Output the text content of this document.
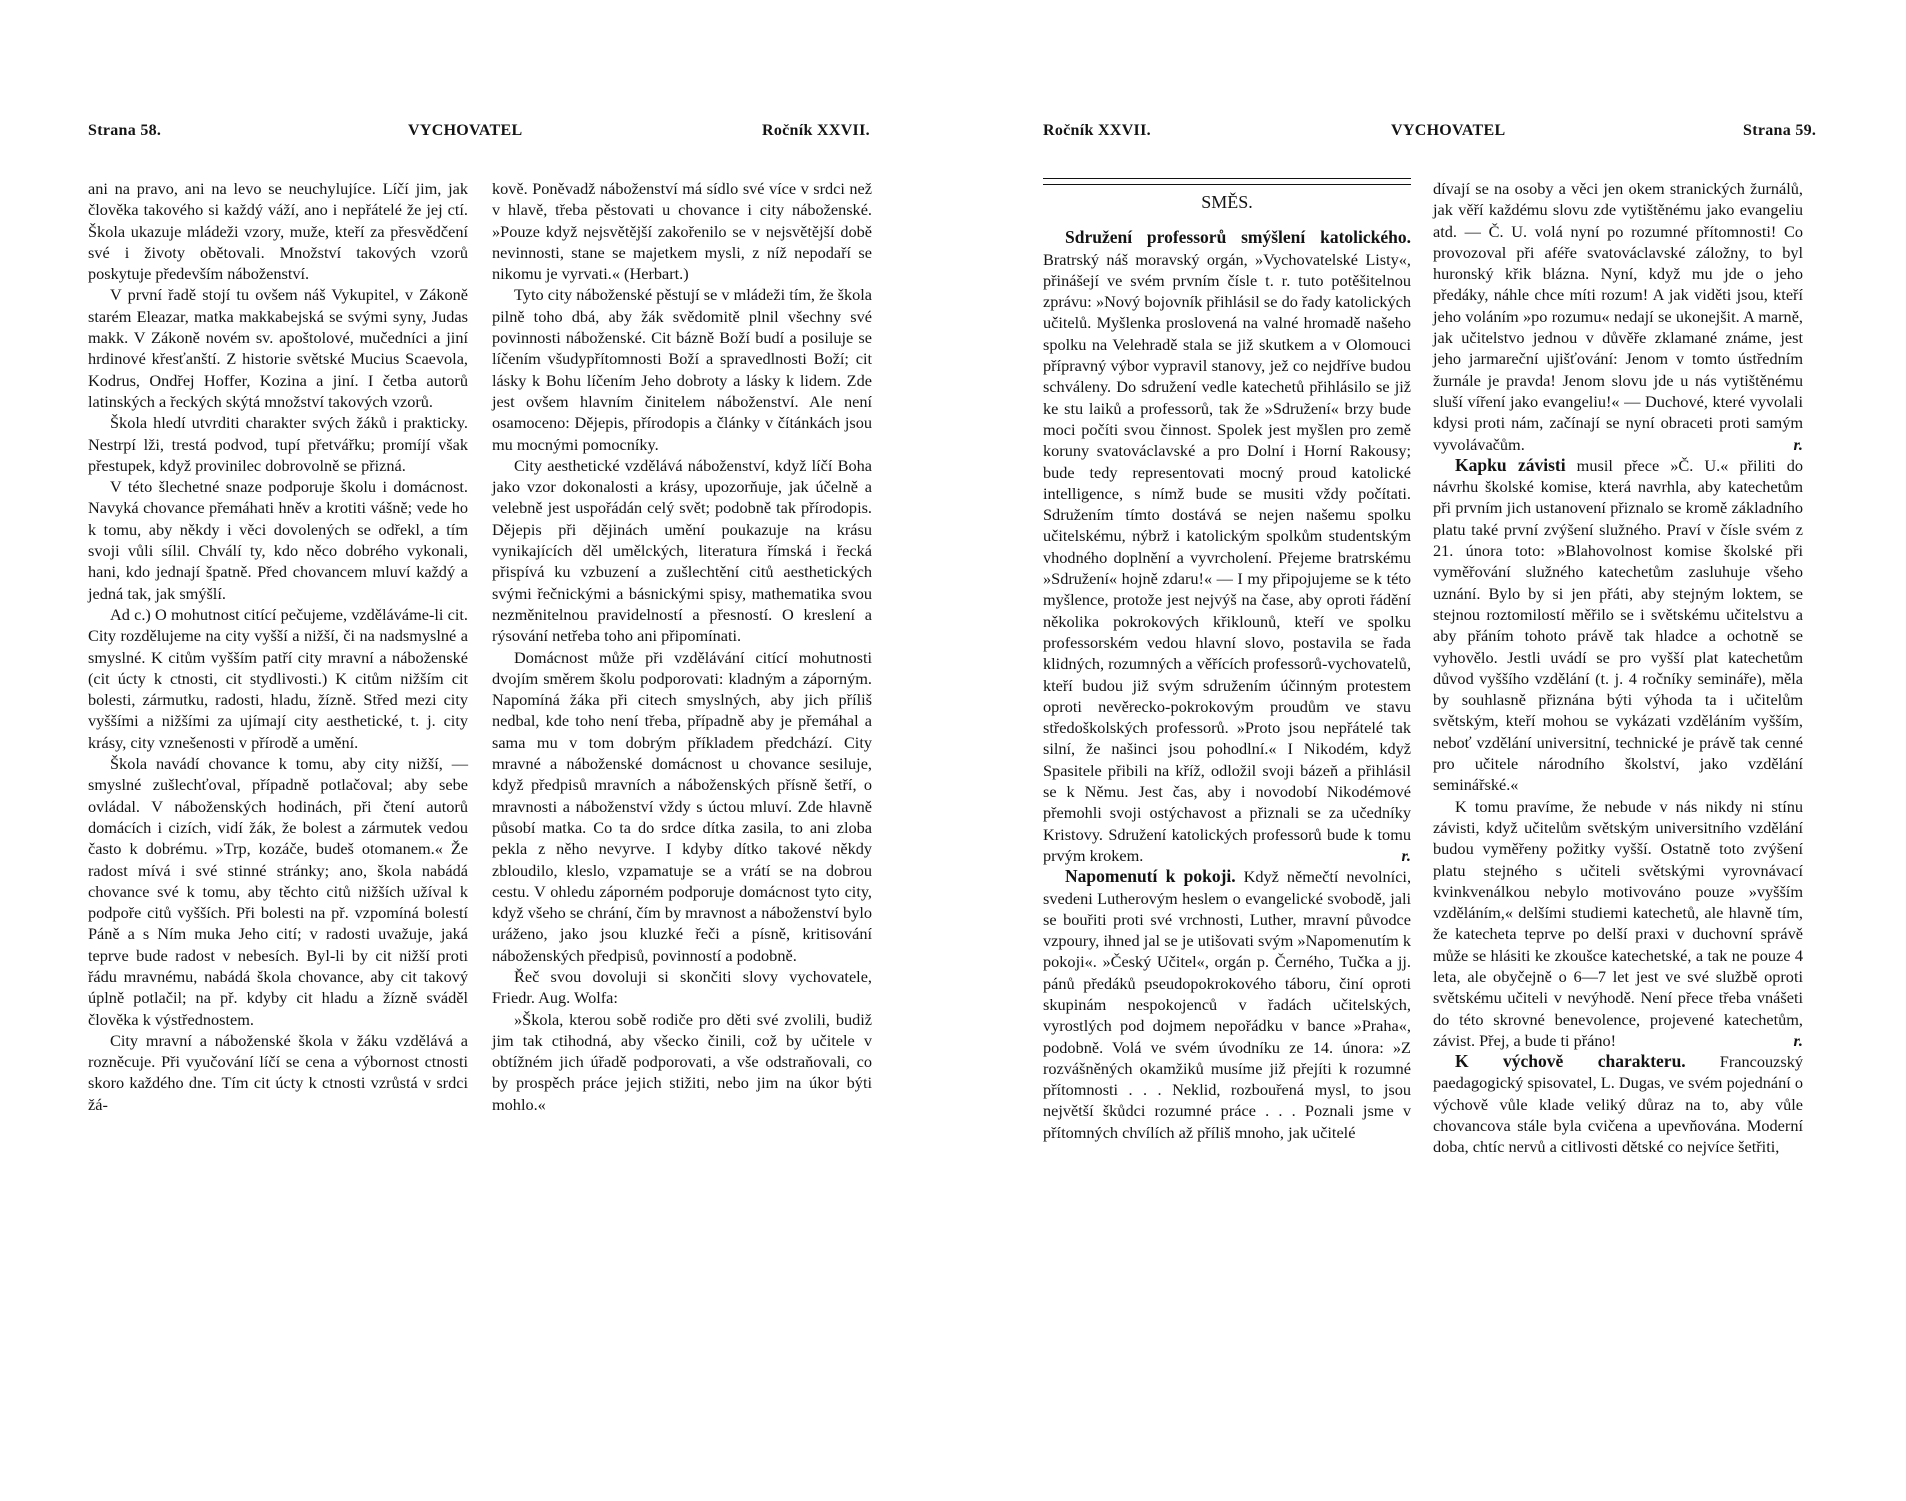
Strana 58.	VYCHOVATEL	Ročník XXVII.

ani na pravo, ani na levo se neuchylujíce. Líčí jim, jak člověka takového si každý váží, ano i nepřátelé že jej ctí. Škola ukazuje mládeži vzory, muže, kteří za přesvědčení své i životy obětovali. Množství takových vzorů poskytuje především náboženství.

V první řadě stojí tu ovšem náš Vykupitel, v Zákoně starém Eleazar, matka makkabejská se svými syny, Judas makk. V Zákoně novém sv. apoštolové, mučedníci a jiní hrdinové křesťanští. Z historie světské Mucius Scaevola, Kodrus, Ondřej Hoffer, Kozina a jiní. I četba autorů latinských a řeckých skýtá množství takových vzorů.

Škola hledí utvrditi charakter svých žáků i prakticky. Nestrpí lži, trestá podvod, tupí přetvářku; promíjí však přestupek, když provinilec dobrovolně se přizná.

V této šlechetné snaze podporuje školu i domácnost. Navyká chovance přemáhati hněv a krotiti vášně; vede ho k tomu, aby někdy i věci dovolených se odřekl, a tím svoji vůli sílil. Chválí ty, kdo něco dobrého vykonali, hani, kdo jednají špatně. Před chovancem mluví každý a jedná tak, jak smýšlí.

Ad c.) O mohutnost citící pečujeme, vzděláváme-li cit. City rozdělujeme na city vyšší a nižší, či na nadsmyslné a smyslné. K citům vyšším patří city mravní a náboženské (cit úcty k ctnosti, cit stydlivosti.) K citům nižším cit bolesti, zármutku, radosti, hladu, žízně. Střed mezi city vyššími a nižšími za ujímají city aesthetické, t. j. city krásy, city vznešenosti v přírodě a umění.

Škola navádí chovance k tomu, aby city nižší, — smyslné zušlechťoval, případně potlačoval; aby sebe ovládal. V náboženských hodinách, při čtení autorů domácích i cizích, vidí žák, že bolest a zármutek vedou často k dobrému. »Trp, kozáče, budeš otomanem.« Že radost mívá i své stinné stránky; ano, škola nabádá chovance své k tomu, aby těchto citů nižších užíval k podpoře citů vyšších. Při bolesti na př. vzpomíná bolestí Páně a s Ním muka Jeho cití; v radosti uvažuje, jaká teprve bude radost v nebesích. Byl-li by cit nižší proti řádu mravnému, nabádá škola chovance, aby cit takový úplně potlačil; na př. kdyby cit hladu a žízně sváděl člověka k výstřednostem.

City mravní a náboženské škola v žáku vzdělává a rozněcuje. Při vyučování líčí se cena a výbornost ctnosti skoro každého dne. Tím cit úcty k ctnosti vzrůstá v srdci žá-

kově. Poněvadž náboženství má sídlo své více v srdci než v hlavě, třeba pěstovati u chovance i city náboženské. »Pouze když nejsvětější zakořenilo se v nejsvětější době nevinnosti, stane se majetkem mysli, z níž nepodaří se nikomu je vyrvati.« (Herbart.)

Tyto city náboženské pěstují se v mládeži tím, že škola pilně toho dbá, aby žák svědomitě plnil všechny své povinnosti náboženské. Cit bázně Boží budí a posiluje se líčením všudypřítomnosti Boží a spravedlnosti Boží; cit lásky k Bohu líčením Jeho dobroty a lásky k lidem. Zde jest ovšem hlavním činitelem náboženství. Ale není osamoceno: Dějepis, přírodopis a články v čítánkách jsou mu mocnými pomocníky.

City aesthetické vzdělává náboženství, když líčí Boha jako vzor dokonalosti a krásy, upozorňuje, jak účelně a velebně jest uspořádán celý svět; podobně tak přírodopis. Dějepis při dějinách umění poukazuje na krásu vynikajících děl umělckých, literatura římská i řecká přispívá ku vzbuzení a zušlechtění citů aesthetických svými řečnickými a básnickými spisy, mathematika svou nezměnitelnou pravidelností a přesností. O kreslení a rýsování netřeba toho ani připomínati.

Domácnost může při vzdělávání citící mohutnosti dvojím směrem školu podporovati: kladným a záporným. Napomíná žáka při citech smyslných, aby jich příliš nedbal, kde toho není třeba, případně aby je přemáhal a sama mu v tom dobrým příkladem předchází. City mravné a náboženské domácnost u chovance sesiluje, když předpisů mravních a náboženských přísně šetří, o mravnosti a náboženství vždy s úctou mluví. Zde hlavně působí matka. Co ta do srdce dítka zasila, to ani zloba pekla z něho nevyrve. I kdyby dítko takové někdy zbloudilo, kleslo, vzpamatuje se a vrátí se na dobrou cestu. V ohledu záporném podporuje domácnost tyto city, když všeho se chrání, čím by mravnost a náboženství bylo uráženo, jako jsou kluzké řeči a písně, kritisování náboženských předpisů, povinností a podobně.

Řeč svou dovoluji si skončiti slovy vychovatele, Friedr. Aug. Wolfa:

»Škola, kterou sobě rodiče pro děti své zvolili, budiž jim tak ctihodná, aby všecko činili, což by učitele v obtížném jich úřadě podporovati, a vše odstraňovali, co by prospěch práce jejich stižiti, nebo jim na úkor býti mohlo.«

Ročník XXVII.	VYCHOVATEL	Strana 59.

SMĚS.

Sdružení professorů smýšlení katolického. Bratrský náš moravský orgán, »Vychovatelské Listy«, přinášejí ve svém prvním čísle t. r. tuto potěšitelnou zprávu: »Nový bojovník přihlásil se do řady katolických učitelů. Myšlenka proslovená na valné hromadě našeho spolku na Velehradě stala se již skutkem a v Olomouci přípravný výbor vypravil stanovy, jež co nejdříve budou schváleny. Do sdružení vedle katechetů přihlásilo se již ke stu laiků a professorů, tak že »Sdružení« brzy bude moci počíti svou činnost. Spolek jest myšlen pro země koruny svatováclavské a pro Dolní i Horní Rakousy; bude tedy representovati mocný proud katolické intelligence, s nímž bude se musiti vždy počítati. Sdružením tímto dostává se nejen našemu spolku učitelskému, nýbrž i katolickým spolkům studentským vhodného doplnění a vyvrcholení. Přejeme bratrskému »Sdružení« hojně zdaru!« — I my připojujeme se k této myšlence, protože jest nejvýš na čase, aby oproti řádění několika pokrokových křiklounů, kteří ve spolku professorském vedou hlavní slovo, postavila se řada klidných, rozumných a věřících professorů-vychovatelů, kteří budou již svým sdružením účinným protestem oproti nevěrecko-pokrokovým proudům ve stavu středoškolských professorů. »Proto jsou nepřátelé tak silní, že našinci jsou pohodlní.« I Nikodém, když Spasitele přibili na kříž, odložil svoji bázeň a přihlásil se k Němu. Jest čas, aby i novodobí Nikodémové přemohli svoji ostýchavost a přiznali se za učedníky Kristovy. Sdružení katolických professorů bude k tomu prvým krokem.	r.

Napomenutí k pokoji. Když němečtí nevolníci, svedeni Lutherovým heslem o evangelické svobodě, jali se bouřiti proti své vrchnosti, Luther, mravní původce vzpoury, ihned jal se je utišovati svým »Napomenutím k pokoji«. »Český Učitel«, orgán p. Černého, Tučka a jj. pánů předáků pseudopokrokového táboru, činí oproti skupinám nespokojenců v řadách učitelských, vyrostlých pod dojmem nepořádku v bance »Praha«, podobně. Volá ve svém úvodníku ze 14. února: »Z rozvášněných okamžiků musíme již přejíti k rozumné přítomnosti . . . Neklid, rozbouřená mysl, to jsou největší škůdci rozumné práce . . . Poznali jsme v přítomných chvílích až příliš mnoho, jak učitelé

dívají se na osoby a věci jen okem stranických žurnálů, jak věří každému slovu zde vytištěnému jako evangeliu atd. — Č. U. volá nyní po rozumné přítomnosti! Co provozoval při aféře svatováclavské záložny, to byl huronský křik blázna. Nyní, když mu jde o jeho předáky, náhle chce míti rozum! A jak viděti jsou, kteří jeho voláním »po rozumu« nedají se ukonejšit. A marně, jak učitelstvo jednou v důvěře zklamané známe, jest jeho jarmareční ujišťování: Jenom v tomto ústředním žurnále je pravda! Jenom slovu jde u nás vytištěnému sluší víření jako evangeliu!« — Duchové, které vyvolali kdysi proti nám, začínají se nyní obraceti proti samým vyvolávačům.	r.

Kapku závisti musil přece »Č. U.« přiliti do návrhu školské komise, která navrhla, aby katechetům při prvním jich ustanovení přiznalo se kromě základního platu také první zvýšení služného. Praví v čísle svém z 21. února toto: »Blahovolnost komise školské při vyměřování služného katechetům zasluhuje všeho uznání. Bylo by si jen přáti, aby stejným loktem, se stejnou roztomilostí měřilo se i světskému učitelstvu a aby přáním tohoto právě tak hladce a ochotně se vyhovělo. Jestli uvádí se pro vyšší plat katechetům důvod vyššího vzdělání (t. j. 4 ročníky semináře), měla by souhlasně přiznána býti výhoda ta i učitelům světským, kteří mohou se vykázati vzděláním vyšším, neboť vzdělání universitní, technické je právě tak cenné pro učitele národního školství, jako vzdělání seminářské.«

K tomu pravíme, že nebude v nás nikdy ni stínu závisti, když učitelům světským universitního vzdělání budou vyměřeny požitky vyšší. Ostatně toto zvýšení platu stejného s učiteli světskými vyrovnávací kvinkvenálkou nebylo motivováno pouze »vyšším vzděláním,« delšími studiemi katechetů, ale hlavně tím, že katecheta teprve po delší praxi v duchovní správě může se hlásiti ke zkoušce katechetské, a tak ne pouze 4 leta, ale obyčejně o 6—7 let jest ve své službě oproti světskému učiteli v nevýhodě. Není přece třeba vnášeti do této skrovné benevolence, projevené katechetům, závist. Přej, a bude ti přáno!	r.

K výchově charakteru. Francouzský paedagogický spisovatel, L. Dugas, ve svém pojednání o výchově vůle klade veliký důraz na to, aby vůle chovancova stále byla cvičena a upevňována. Moderní doba, chtíc nervů a citlivosti dětské co nejvíce šetřiti,
